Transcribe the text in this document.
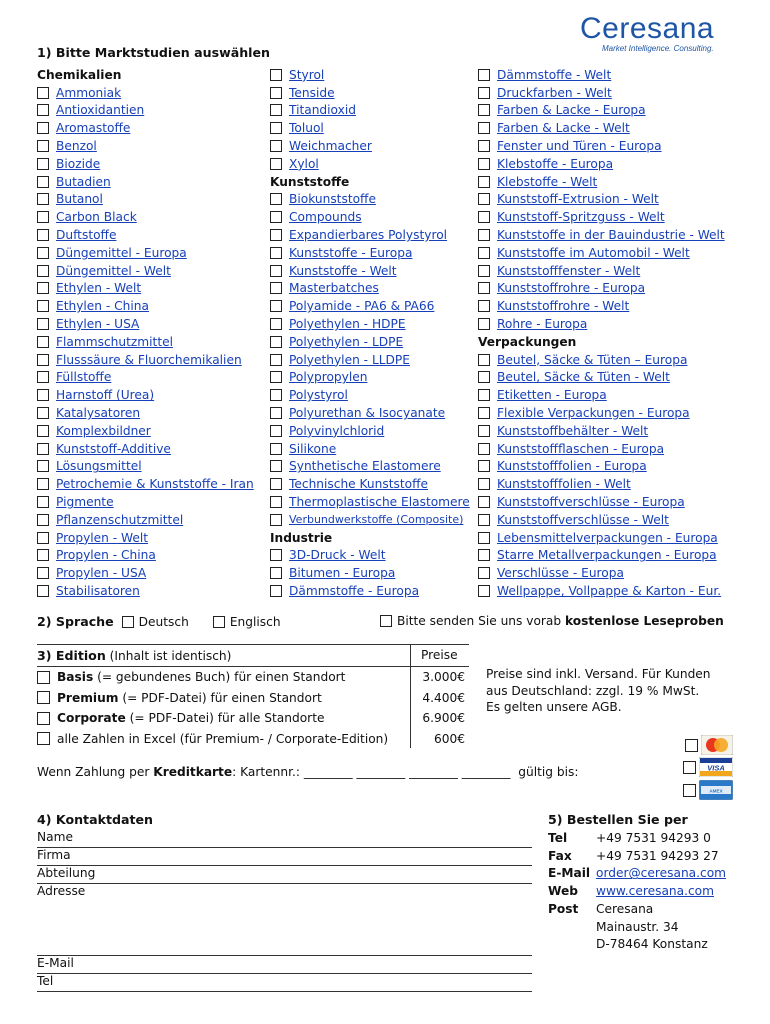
Ceresana
Market Intelligence. Consulting.
1) Bitte Marktstudien auswählen
Chemikalien
Ammoniak
Antioxidantien
Aromastoffe
Benzol
Biozide
Butadien
Butanol
Carbon Black
Duftstoffe
Düngemittel - Europa
Düngemittel - Welt
Ethylen - Welt
Ethylen - China
Ethylen - USA
Flammschutzmittel
Flusssäure & Fluorchemikalien
Füllstoffe
Harnstoff (Urea)
Katalysatoren
Komplexbildner
Kunststoff-Additive
Lösungsmittel
Petrochemie & Kunststoffe - Iran
Pigmente
Pflanzenschutzmittel
Propylen - Welt
Propylen - China
Propylen - USA
Stabilisatoren
Styrol
Tenside
Titandioxid
Toluol
Weichmacher
Xylol
Kunststoffe
Biokunststoffe
Compounds
Expandierbares Polystyrol
Kunststoffe - Europa
Kunststoffe - Welt
Masterbatches
Polyamide - PA6 & PA66
Polyethylen - HDPE
Polyethylen - LDPE
Polyethylen - LLDPE
Polypropylen
Polystyrol
Polyurethan & Isocyanate
Polyvinylchlorid
Silikone
Synthetische Elastomere
Technische Kunststoffe
Thermoplastische Elastomere
Verbundwerkstoffe (Composite)
Industrie
3D-Druck - Welt
Bitumen - Europa
Dämmstoffe - Europa
Dämmstoffe - Welt
Druckfarben - Welt
Farben & Lacke - Europa
Farben & Lacke - Welt
Fenster und Türen - Europa
Klebstoffe - Europa
Klebstoffe - Welt
Kunststoff-Extrusion - Welt
Kunststoff-Spritzguss - Welt
Kunststoffe in der Bauindustrie - Welt
Kunststoffe im Automobil - Welt
Kunststofffenster - Welt
Kunststoffrohre - Europa
Kunststoffrohre - Welt
Rohre - Europa
Verpackungen
Beutel, Säcke & Tüten – Europa
Beutel, Säcke & Tüten - Welt
Etiketten - Europa
Flexible Verpackungen - Europa
Kunststoffbehälter - Welt
Kunststoffflaschen - Europa
Kunststofffolien - Europa
Kunststofffolien - Welt
Kunststoffverschlüsse - Europa
Kunststoffverschlüsse - Welt
Lebensmittelverpackungen - Europa
Starre Metallverpackungen - Europa
Verschlüsse - Europa
Wellpappe, Vollpappe & Karton - Eur.
2) Sprache Deutsch	Englisch	Bitte senden Sie uns vorab kostenlose Leseproben
3) Edition (Inhalt ist identisch)	Preise
Basis (= gebundenes Buch) für einen Standort	3.000€
Premium (= PDF-Datei) für einen Standort	4.400€
Corporate (= PDF-Datei) für alle Standorte	6.900€
alle Zahlen in Excel (für Premium- / Corporate-Edition)	600€
Preise sind inkl. Versand. Für Kunden
aus Deutschland: zzgl. 19 % MwSt.
Es gelten unsere AGB.
VISA
AMEX
Wenn Zahlung per Kreditkarte: Kartennr.: ________ ________ ________ ________  gültig bis:
4) Kontaktdaten
Name
Firma
Abteilung
Adresse
E-Mail
Tel
5) Bestellen Sie per
Tel +49 7531 94293 0
Fax +49 7531 94293 27
E-Mail order@ceresana.com
Web www.ceresana.com
Post Ceresana
Mainaustr. 34
D-78464 Konstanz
